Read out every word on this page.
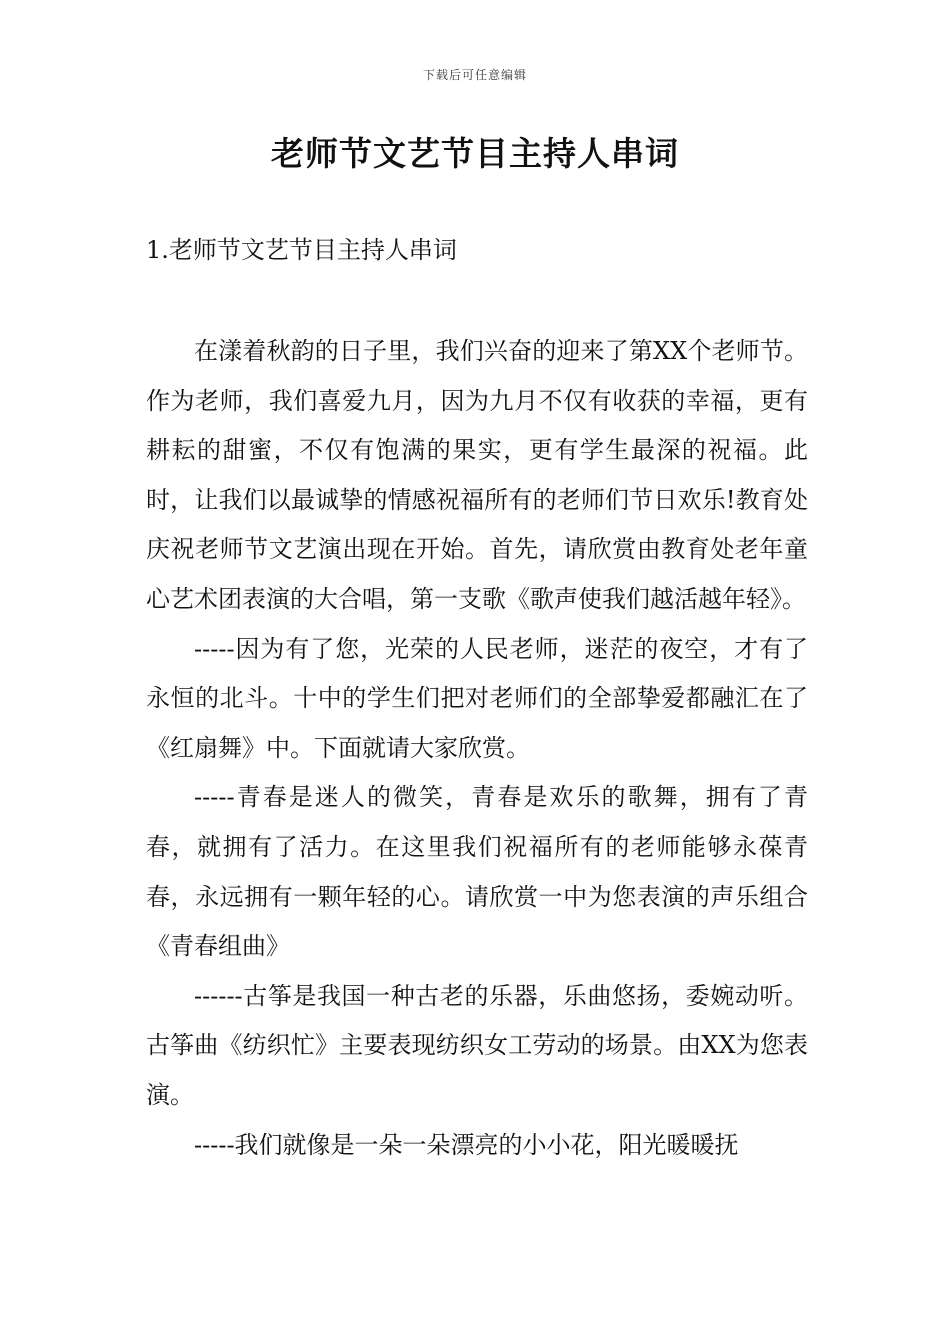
下载后可任意编辑
老师节文艺节目主持人串词
1.老师节文艺节目主持人串词

在漾着秋韵的日子里，我们兴奋的迎来了第XX个老师节。作为老师，我们喜爱九月，因为九月不仅有收获的幸福，更有耕耘的甜蜜，不仅有饱满的果实，更有学生最深的祝福。此时，让我们以最诚挚的情感祝福所有的老师们节日欢乐!教育处庆祝老师节文艺演出现在开始。首先，请欣赏由教育处老年童心艺术团表演的大合唱，第一支歌《歌声使我们越活越年轻》。

-----因为有了您，光荣的人民老师，迷茫的夜空，才有了永恒的北斗。十中的学生们把对老师们的全部挚爱都融汇在了《红扇舞》中。下面就请大家欣赏。

-----青春是迷人的微笑，青春是欢乐的歌舞，拥有了青春，就拥有了活力。在这里我们祝福所有的老师能够永葆青春，永远拥有一颗年轻的心。请欣赏一中为您表演的声乐组合《青春组曲》

------古筝是我国一种古老的乐器，乐曲悠扬，委婉动听。古筝曲《纺织忙》主要表现纺织女工劳动的场景。由XX为您表演。

-----我们就像是一朵一朵漂亮的小小花，阳光暖暖抚
